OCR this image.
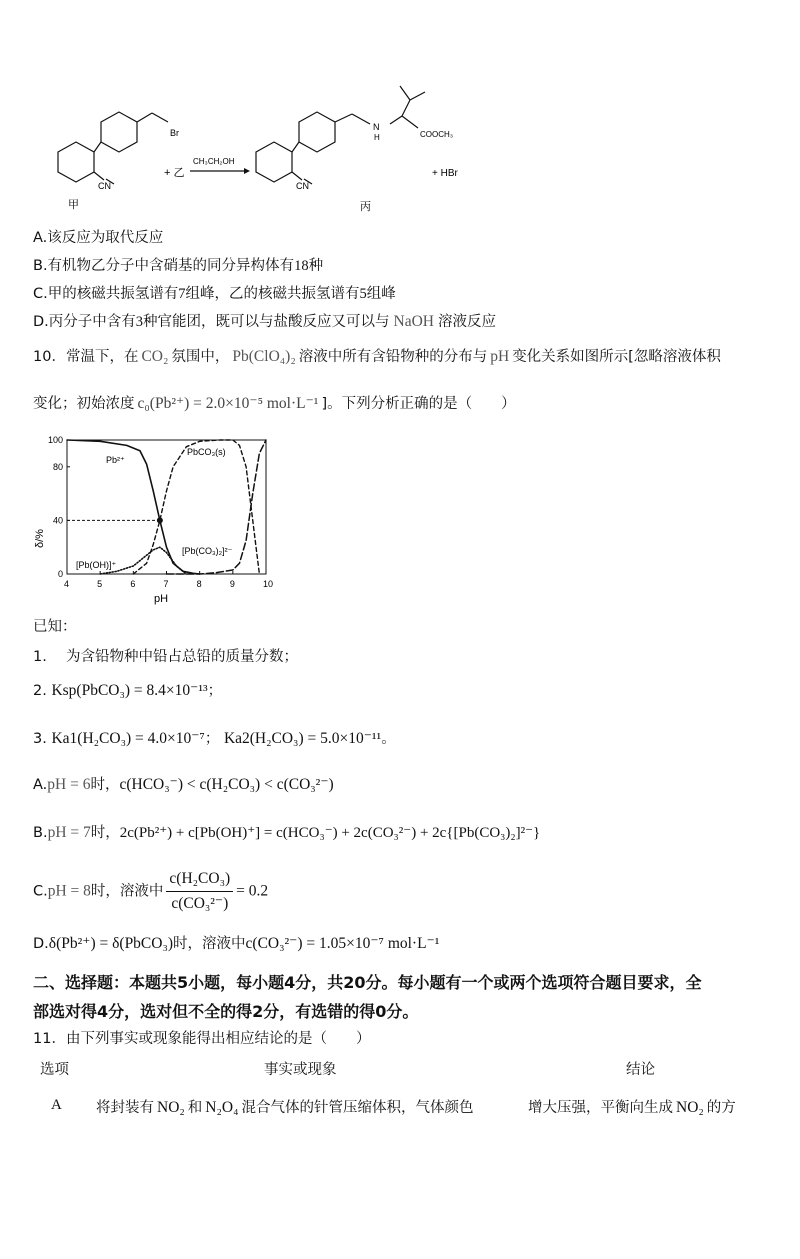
Br
CN
+ 乙
CH₃CH₂OH
N
H	COOCH₃
CN
+ HBr
甲	丙
A.该反应为取代反应
B.有机物乙分子中含硝基的同分异构体有18种
C.甲的核磁共振氢谱有7组峰，乙的核磁共振氢谱有5组峰
D.丙分子中含有3种官能团，既可以与盐酸反应又可以与 NaOH 溶液反应
10．常温下，在 CO₂ 氛围中， Pb(ClO₄)₂ 溶液中所有含铅物种的分布与 pH 变化关系如图所示[忽略溶液体积
变化；初始浓度 c₀(Pb²⁺) = 2.0×10⁻⁵ mol·L⁻¹ ]。下列分析正确的是（　　）
4	5	6	7	8	9	10
0
40
80
100
δ/%
pH
Pb²⁺
PbCO₃(s)
[Pb(OH)]⁺
[Pb(CO₃)₂]²⁻
已知：
1.　 为含铅物种中铅占总铅的质量分数；
2. Ksp(PbCO₃) = 8.4×10⁻¹³；
3. Ka1(H₂CO₃) = 4.0×10⁻⁷； Ka2(H₂CO₃) = 5.0×10⁻¹¹。
A.pH = 6时，c(HCO₃⁻) < c(H₂CO₃) < c(CO₃²⁻)
B.pH = 7时，2c(Pb²⁺) + c[Pb(OH)⁺] = c(HCO₃⁻) + 2c(CO₃²⁻) + 2c{[Pb(CO₃)₂]²⁻}
C.pH = 8时，溶液中 $\frac{\text{c(H₂CO₃)}}{\text{c(CO₃²⁻)}} = 0.2$
D.δ(Pb²⁺) = δ(PbCO₃)时，溶液中c(CO₃²⁻) = 1.05×10⁻⁷ mol·L⁻¹
二、选择题：本题共5小题，每小题4分，共20分。每小题有一个或两个选项符合题目要求，全
部选对得4分，选对但不全的得2分，有选错的得0分。
11．由下列事实或现象能得出相应结论的是（　　）
选项	事实或现象	结论
A 将封装有 NO₂ 和 N₂O₄ 混合气体的针管压缩体积，气体颜色	增大压强，平衡向生成 NO₂ 的方
